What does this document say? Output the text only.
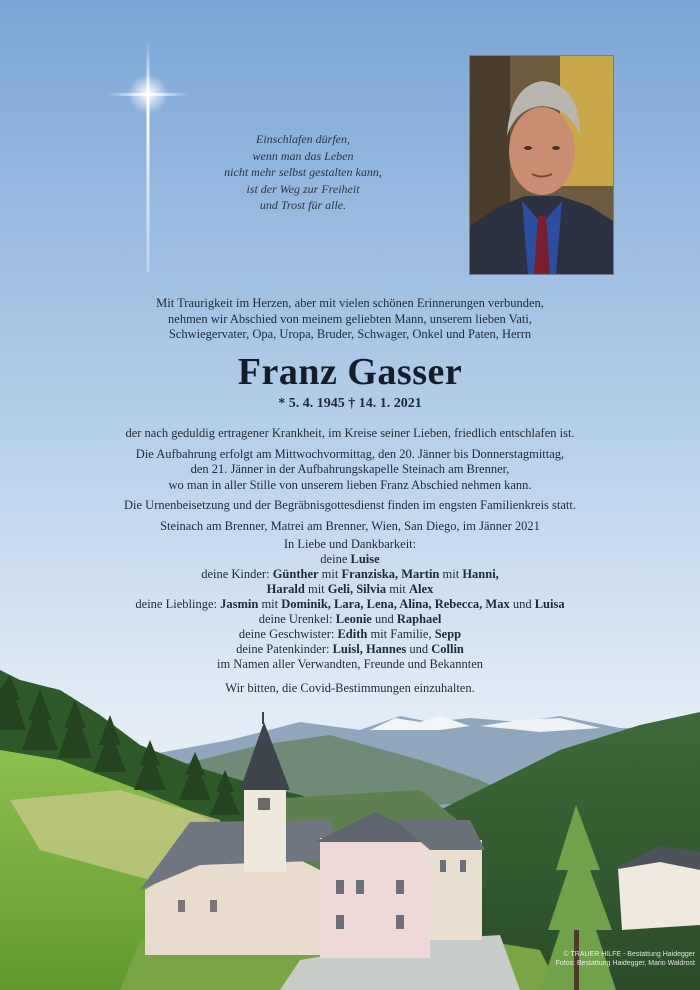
Einschlafen dürfen,
wenn man das Leben
nicht mehr selbst gestalten kann,
ist der Weg zur Freiheit
und Trost für alle.
Mit Traurigkeit im Herzen, aber mit vielen schönen Erinnerungen verbunden,
nehmen wir Abschied von meinem geliebten Mann, unserem lieben Vati,
Schwiegervater, Opa, Uropa, Bruder, Schwager, Onkel und Paten, Herrn
Franz Gasser
* 5. 4. 1945 † 14. 1. 2021
der nach geduldig ertragener Krankheit, im Kreise seiner Lieben, friedlich entschlafen ist.
Die Aufbahrung erfolgt am Mittwochvormittag, den 20. Jänner bis Donnerstagmittag,
den 21. Jänner in der Aufbahrungskapelle Steinach am Brenner,
wo man in aller Stille von unserem lieben Franz Abschied nehmen kann.
Die Urnenbeisetzung und der Begräbnisgottesdienst finden im engsten Familienkreis statt.
Steinach am Brenner, Matrei am Brenner, Wien, San Diego, im Jänner 2021
In Liebe und Dankbarkeit:
deine Luise
deine Kinder: Günther mit Franziska, Martin mit Hanni,
Harald mit Geli, Silvia mit Alex
deine Lieblinge: Jasmin mit Dominik, Lara, Lena, Alina, Rebecca, Max und Luisa
deine Urenkel: Leonie und Raphael
deine Geschwister: Edith mit Familie, Sepp
deine Patenkinder: Luisl, Hannes und Collin
im Namen aller Verwandten, Freunde und Bekannten
Wir bitten, die Covid-Bestimmungen einzuhalten.
© TRAUER HILFE - Bestattung Haidegger
Fotos: Bestattung Haidegger, Mario Waldrost
